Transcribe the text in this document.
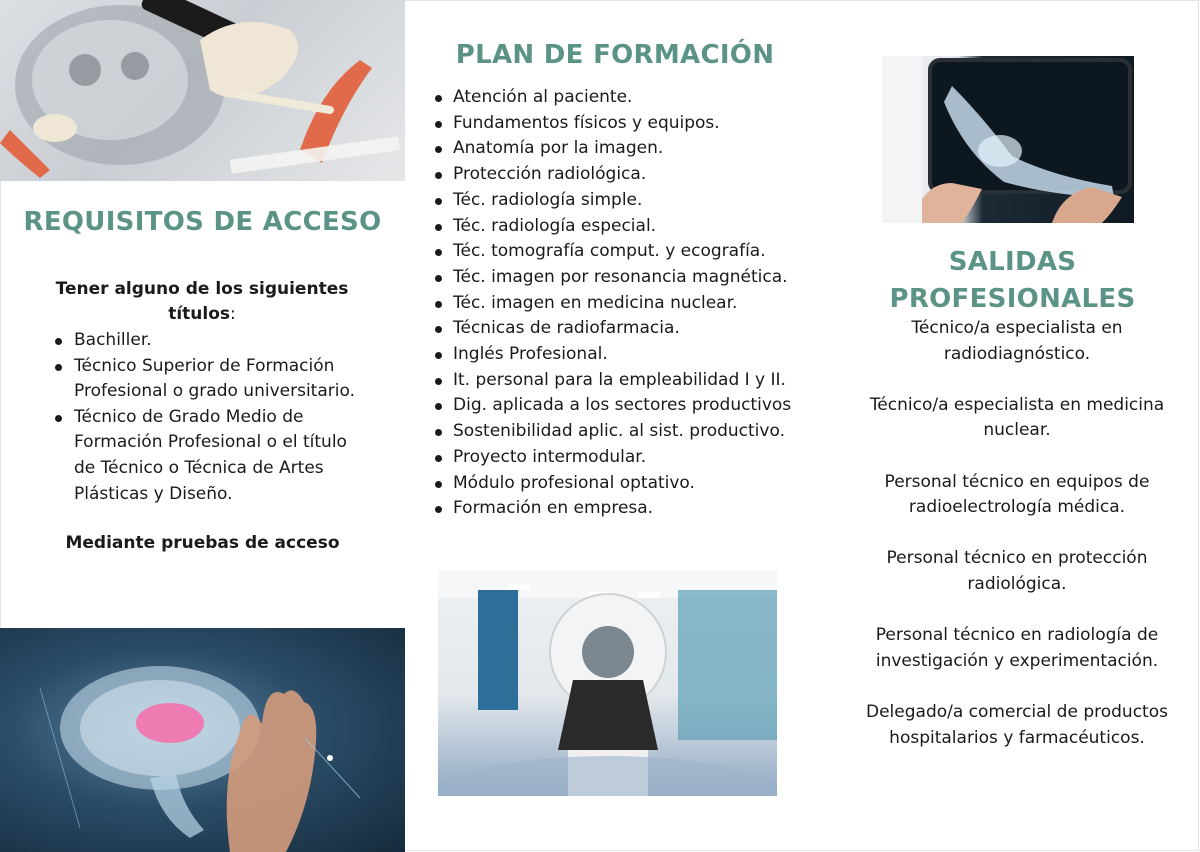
REQUISITOS DE ACCESO
Tener alguno de los siguientes títulos:
Bachiller.
Técnico Superior de Formación Profesional o grado universitario.
Técnico de Grado Medio de Formación Profesional o el título de Técnico o Técnica de Artes Plásticas y Diseño.

Mediante pruebas de acceso

PLAN DE FORMACIÓN
Atención al paciente.
Fundamentos físicos y equipos.
Anatomía por la imagen.
Protección radiológica.
Téc. radiología simple.
Téc. radiología especial.
Téc. tomografía comput. y ecografía.
Téc. imagen por resonancia magnética.
Téc. imagen en medicina nuclear.
Técnicas de radiofarmacia.
Inglés Profesional.
It. personal para la empleabilidad I y II.
Dig. aplicada a los sectores productivos
Sostenibilidad aplic. al sist. productivo.
Proyecto intermodular.
Módulo profesional optativo.
Formación en empresa.
SALIDAS
PROFESIONALES
Técnico/a especialista en radiodiagnóstico.
Técnico/a especialista en medicina nuclear.
Personal técnico en equipos de radioelectrología médica.
Personal técnico en protección radiológica.
Personal técnico en radiología de investigación y experimentación.
Delegado/a comercial de productos hospitalarios y farmacéuticos.
